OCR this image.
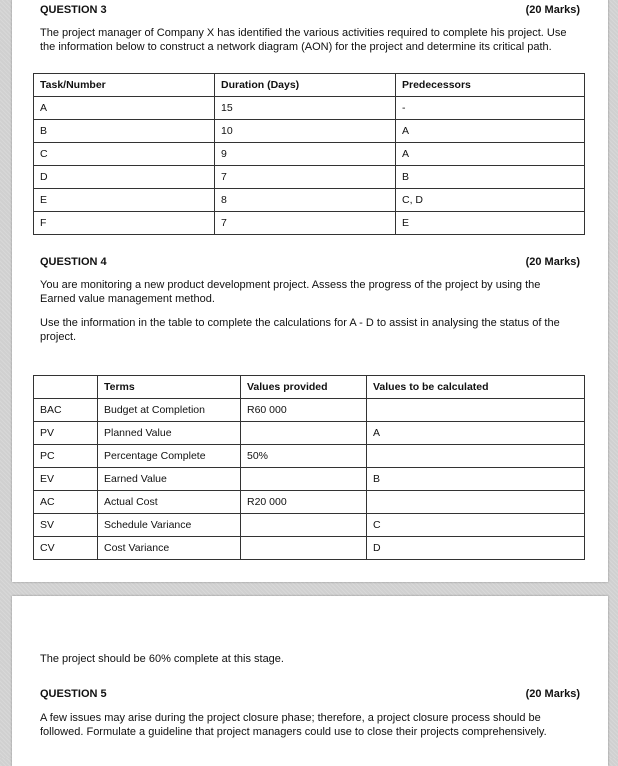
QUESTION 3	(20 Marks)
The project manager of Company X has identified the various activities required to complete his project. Use
the information below to construct a network diagram (AON) for the project and determine its critical path.
Task/Number	Duration (Days)	Predecessors
A	15	-
B	10	A
C	9	A
D	7	B
E	8	C, D
F	7	E
QUESTION 4	(20 Marks)
You are monitoring a new product development project. Assess the progress of the project by using the
Earned value management method.
Use the information in the table to complete the calculations for A - D to assist in analysing the status of the
project.
	Terms	Values provided	Values to be calculated
BAC	Budget at Completion	R60 000	
PV	Planned Value		A
PC	Percentage Complete	50%	
EV	Earned Value		B
AC	Actual Cost	R20 000	
SV	Schedule Variance		C
CV	Cost Variance		D
The project should be 60% complete at this stage.
QUESTION 5	(20 Marks)
A few issues may arise during the project closure phase; therefore, a project closure process should be
followed. Formulate a guideline that project managers could use to close their projects comprehensively.
